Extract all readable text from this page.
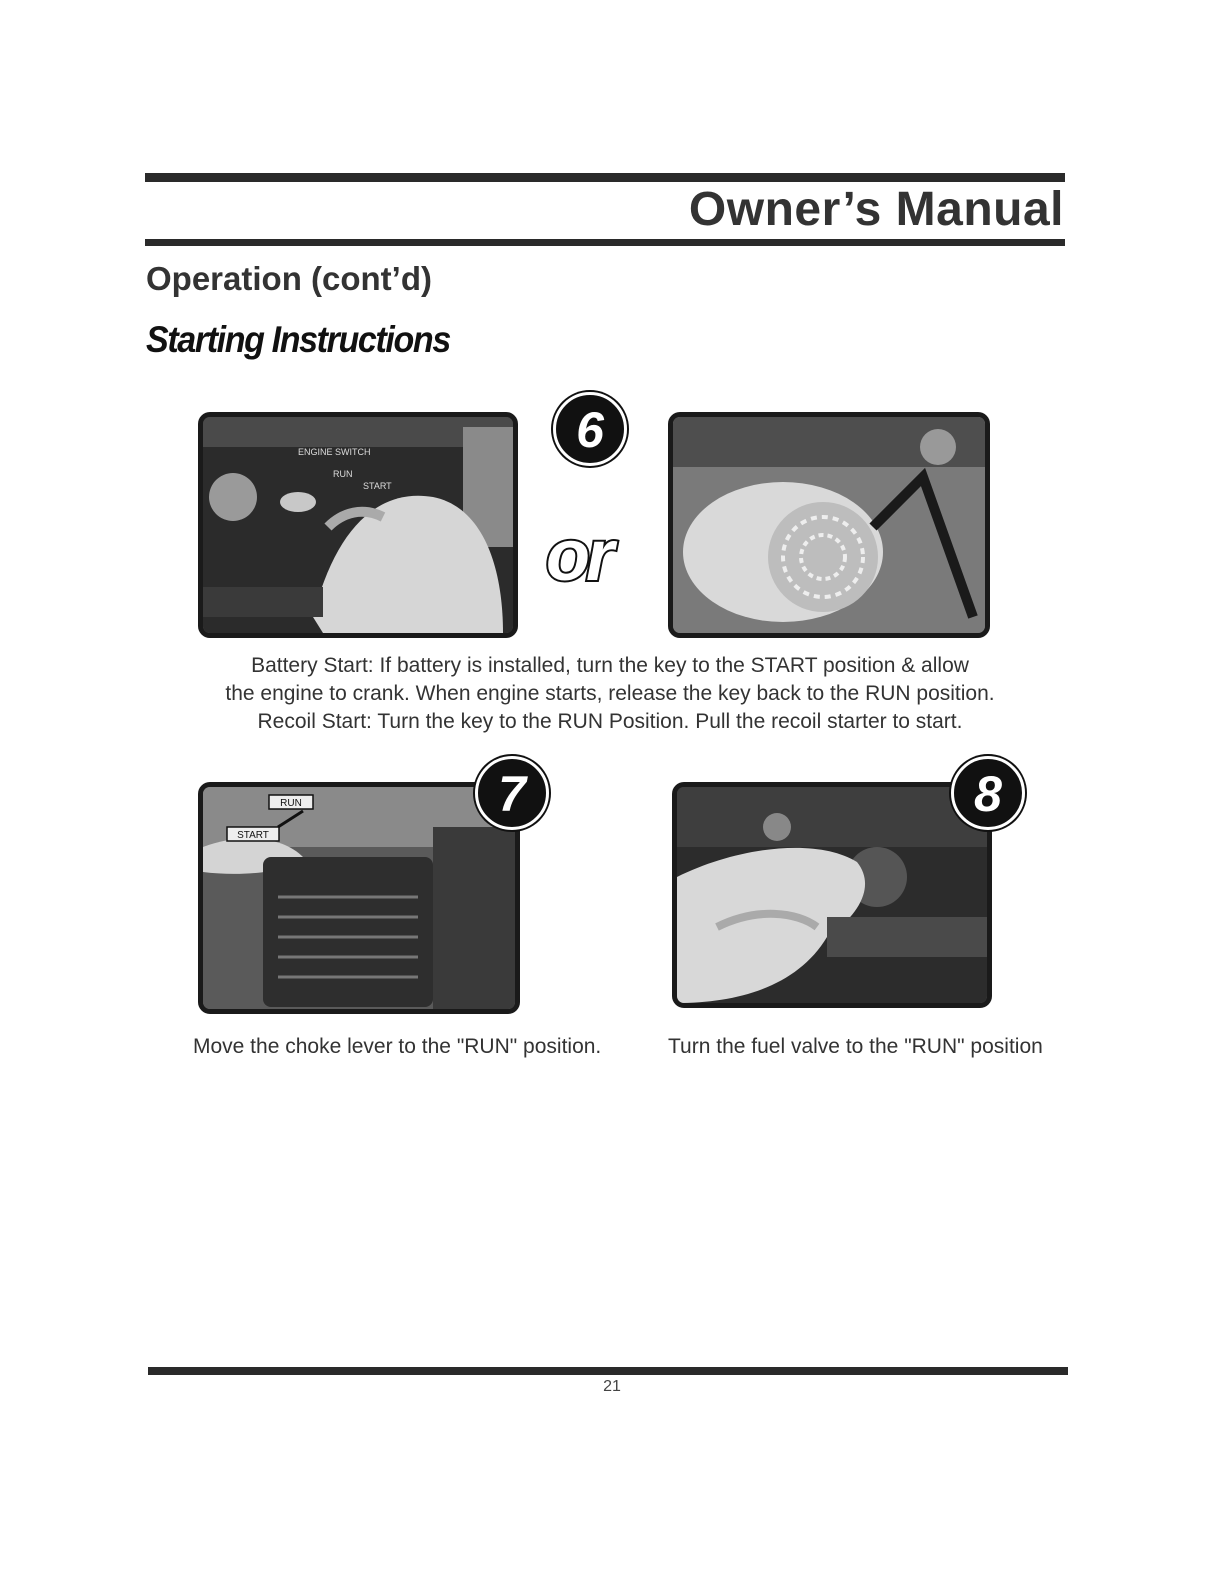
Owner’s Manual
Operation (cont’d)
Starting Instructions
ENGINE SWITCH
RUN
START
6
or
Battery Start: If battery is installed, turn the key to the START position & allow
the engine to crank. When engine starts, release the key back to the RUN position.
Recoil Start: Turn the key to the RUN Position. Pull the recoil starter to start.
RUN
START
7	8
Move the choke lever to the "RUN" position.	Turn the fuel valve to the "RUN" position
21
